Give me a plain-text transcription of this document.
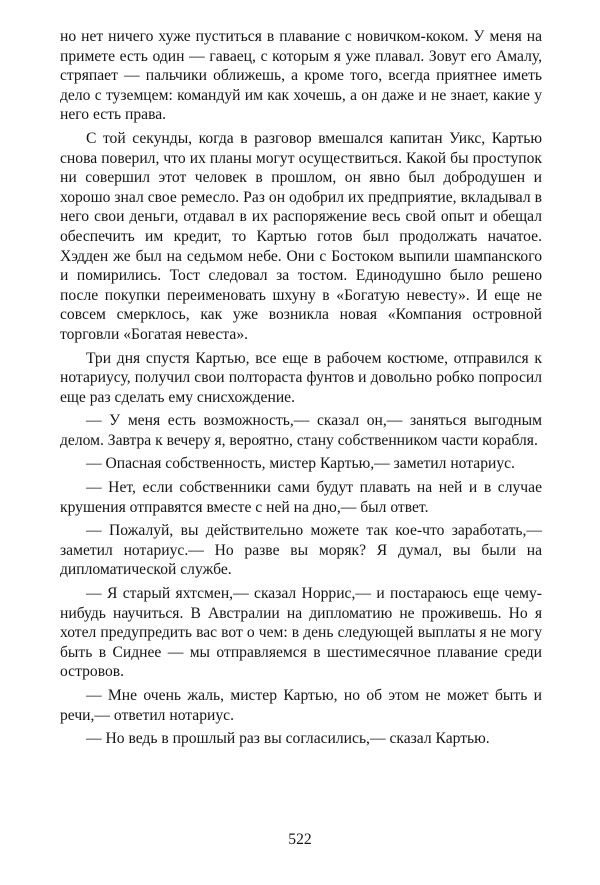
но нет ничего хуже пуститься в плавание с новичком-коком. У меня на примете есть один — гаваец, с которым я уже плавал. Зовут его Амалу, стряпает — пальчики оближешь, а кроме того, всегда приятнее иметь дело с туземцем: командуй им как хочешь, а он даже и не знает, какие у него есть права.

С той секунды, когда в разговор вмешался капитан Уикс, Картью снова поверил, что их планы могут осуществиться. Какой бы проступок ни совершил этот человек в прошлом, он явно был добродушен и хорошо знал свое ремесло. Раз он одобрил их предприятие, вкладывал в него свои деньги, отдавал в их распоряжение весь свой опыт и обещал обеспечить им кредит, то Картью готов был продолжать начатое. Хэдден же был на седьмом небе. Они с Бостоком выпили шампанского и помирились. Тост следовал за тостом. Единодушно было решено после покупки переименовать шхуну в «Богатую невесту». И еще не совсем смерклось, как уже возникла новая «Компания островной торговли «Богатая невеста».

Три дня спустя Картью, все еще в рабочем костюме, отправился к нотариусу, получил свои полтораста фунтов и довольно робко попросил еще раз сделать ему снисхождение.

— У меня есть возможность,— сказал он,— заняться выгодным делом. Завтра к вечеру я, вероятно, стану собственником части корабля.

— Опасная собственность, мистер Картью,— заметил нотариус.

— Нет, если собственники сами будут плавать на ней и в случае крушения отправятся вместе с ней на дно,— был ответ.

— Пожалуй, вы действительно можете так кое-что заработать,— заметил нотариус.— Но разве вы моряк? Я думал, вы были на дипломатической службе.

— Я старый яхтсмен,— сказал Норрис,— и постараюсь еще чему-нибудь научиться. В Австралии на дипломатию не проживешь. Но я хотел предупредить вас вот о чем: в день следующей выплаты я не могу быть в Сиднее — мы отправляемся в шестимесячное плавание среди островов.

— Мне очень жаль, мистер Картью, но об этом не может быть и речи,— ответил нотариус.

— Но ведь в прошлый раз вы согласились,— сказал Картью.

522
